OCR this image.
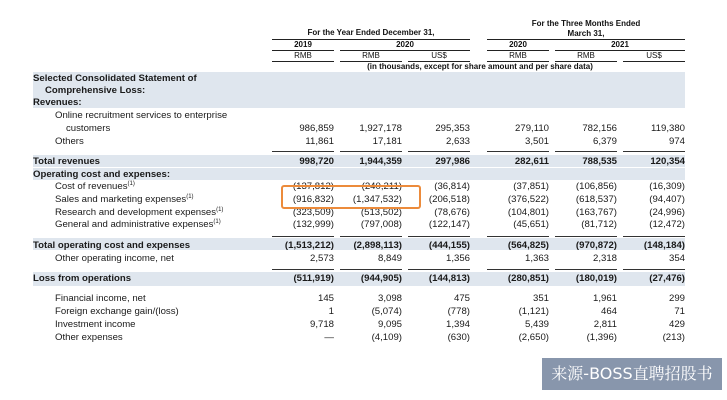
For the Year Ended December 31,
For the Three Months Ended
March 31,
2019	2020	2020	2021
RMB	RMB	US$	RMB	RMB	US$
(in thousands, except for share amount and per share data)
Selected Consolidated Statement of
Comprehensive Loss:
Revenues:
Online recruitment services to enterprise
customers	986,859	1,927,178	295,353	279,110	782,156	119,380
Others	11,861	17,181	2,633	3,501	6,379	974
Total revenues	998,720	1,944,359	297,986	282,611	788,535	120,354
Operating cost and expenses:
Cost of revenues$^{(1)}$	(137,812)	(240,211)	(36,814)	(37,851)	(106,856)	(16,309)
Sales and marketing expenses$^{(1)}$	(916,832)	(1,347,532)	(206,518)	(376,522)	(618,537)	(94,407)
Research and development expenses$^{(1)}$	(323,509)	(513,502)	(78,676)	(104,801)	(163,767)	(24,996)
General and administrative expenses$^{(1)}$	(132,999)	(797,008)	(122,147)	(45,651)	(81,712)	(12,472)
Total operating cost and expenses	(1,513,212)	(2,898,113)	(444,155)	(564,825)	(970,872)	(148,184)
Other operating income, net	2,573	8,849	1,356	1,363	2,318	354
Loss from operations	(511,919)	(944,905)	(144,813)	(280,851)	(180,019)	(27,476)
Financial income, net	145	3,098	475	351	1,961	299
Foreign exchange gain/(loss)	1	(5,074)	(778)	(1,121)	464	71
Investment income	9,718	9,095	1,394	5,439	2,811	429
Other expenses	—	(4,109)	(630)	(2,650)	(1,396)	(213)
来源-BOSS直聘招股书
